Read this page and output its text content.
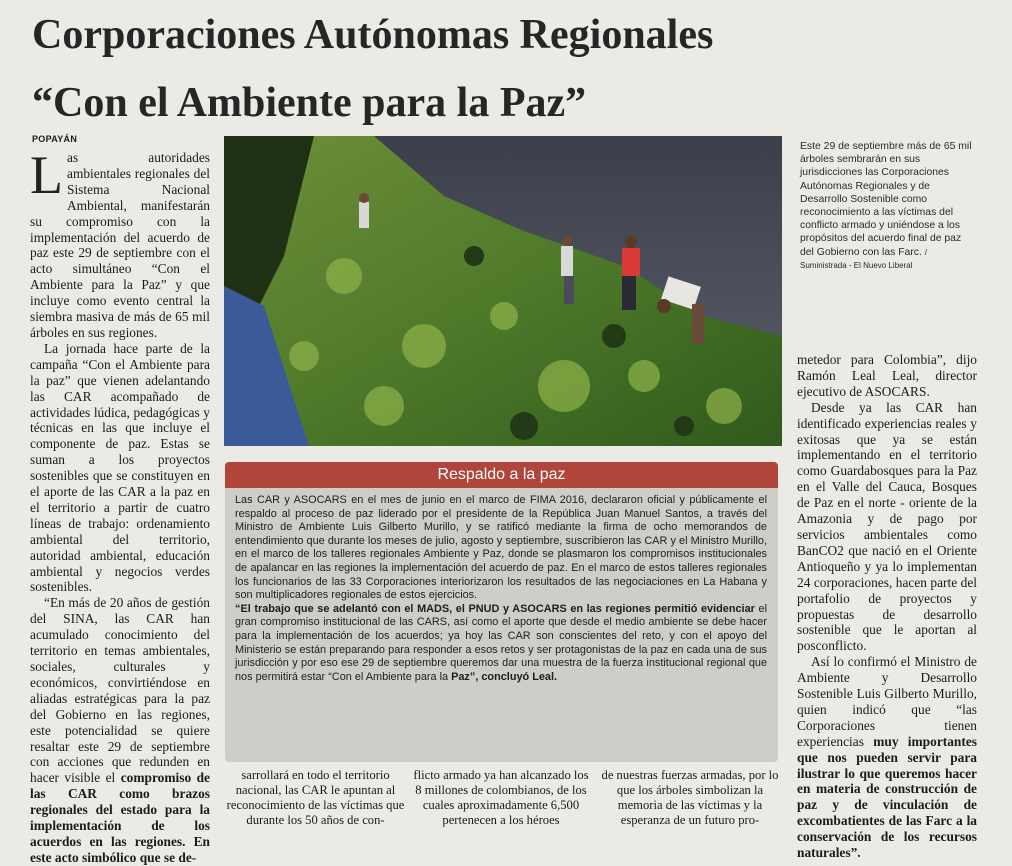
Corporaciones Autónomas Regionales
“Con el Ambiente para la Paz”
POPAYÁN

Las autoridades ambientales regionales del Sistema Nacional Ambiental, manifestarán su compromiso con la implementación del acuerdo de paz este 29 de septiembre con el acto simultáneo “Con el Ambiente para la Paz” y que incluye como evento central la siembra masiva de más de 65 mil árboles en sus regiones.

La jornada hace parte de la campaña “Con el Ambiente para la paz” que vienen adelantando las CAR acompañado de actividades lúdica, pedagógicas y técnicas en las que incluye el componente de paz. Estas se suman a los proyectos sostenibles que se constituyen en el aporte de las CAR a la paz en el territorio a partir de cuatro líneas de trabajo: ordenamiento ambiental del territorio, autoridad ambiental, educación ambiental y negocios verdes sostenibles.

“En más de 20 años de gestión del SINA, las CAR han acumulado conocimiento del territorio en temas ambientales, sociales, culturales y económicos, convirtiéndose en aliadas estratégicas para la paz del Gobierno en las regiones, este potencialidad se quiere resaltar este 29 de septiembre con acciones que redunden en hacer visible el compromiso de las CAR como brazos regionales del estado para la implementación de los acuerdos en las regiones. En este acto simbólico que se de-

Este 29 de septiembre más de 65 mil árboles sembrarán en sus jurisdicciones las Corporaciones Autónomas Regionales y de Desarrollo Sostenible como reconocimiento a las víctimas del conflicto armado y uniéndose a los propósitos del acuerdo final de paz del Gobierno con las Farc. / Suministrada - El Nuevo Liberal
Respaldo a la paz

Las CAR y ASOCARS en el mes de junio en el marco de FIMA 2016, declararon oficial y públicamente el respaldo al proceso de paz liderado por el presidente de la República Juan Manuel Santos, a través del Ministro de Ambiente Luis Gilberto Murillo, y se ratificó mediante la firma de ocho memorandos de entendimiento que durante los meses de julio, agosto y septiembre, suscribieron las CAR y el Ministro Murillo, en el marco de los talleres regionales Ambiente y Paz, donde se plasmaron los compromisos institucionales de apalancar en las regiones la implementación del acuerdo de paz. En el marco de estos talleres regionales los funcionarios de las 33 Corporaciones interiorizaron los resultados de las negociaciones en La Habana y son multiplicadores regionales de estos ejercicios.

“El trabajo que se adelantó con el MADS, el PNUD y ASOCARS en las regiones permitió evidenciar el gran compromiso institucional de las CARS, así como el aporte que desde el medio ambiente se debe hacer para la implementación de los acuerdos; ya hoy las CAR son conscientes del reto, y con el apoyo del Ministerio se están preparando para responder a esos retos y ser protagonistas de la paz en cada una de sus jurisdicción y por eso ese 29 de septiembre queremos dar una muestra de la fuerza institucional regional que nos permitirá estar “Con el Ambiente para la Paz”, concluyó Leal.

sarrollará en todo el territorio nacional, las CAR le apuntan al reconocimiento de las víctimas que durante los 50 años de con-
flicto armado ya han alcanzado los 8 millones de colombianos, de los cuales aproximadamente 6,500 pertenecen a los héroes
de nuestras fuerzas armadas, por lo que los árboles simbolizan la memoria de las víctimas y la esperanza de un futuro pro-

metedor para Colombia”, dijo Ramón Leal Leal, director ejecutivo de ASOCARS.

Desde ya las CAR han identificado experiencias reales y exitosas que ya se están implementando en el territorio como Guardabosques para la Paz en el Valle del Cauca, Bosques de Paz en el norte - oriente de la Amazonia y de pago por servicios ambientales como BanCO2 que nació en el Oriente Antioqueño y ya lo implementan 24 corporaciones, hacen parte del portafolio de proyectos y propuestas de desarrollo sostenible que le aportan al posconflicto.

Así lo confirmó el Ministro de Ambiente y Desarrollo Sostenible Luis Gilberto Murillo, quien indicó que “las Corporaciones tienen experiencias muy importantes que nos pueden servir para ilustrar lo que queremos hacer en materia de construcción de paz y de vinculación de excombatientes de las Farc a la conservación de los recursos naturales”.
